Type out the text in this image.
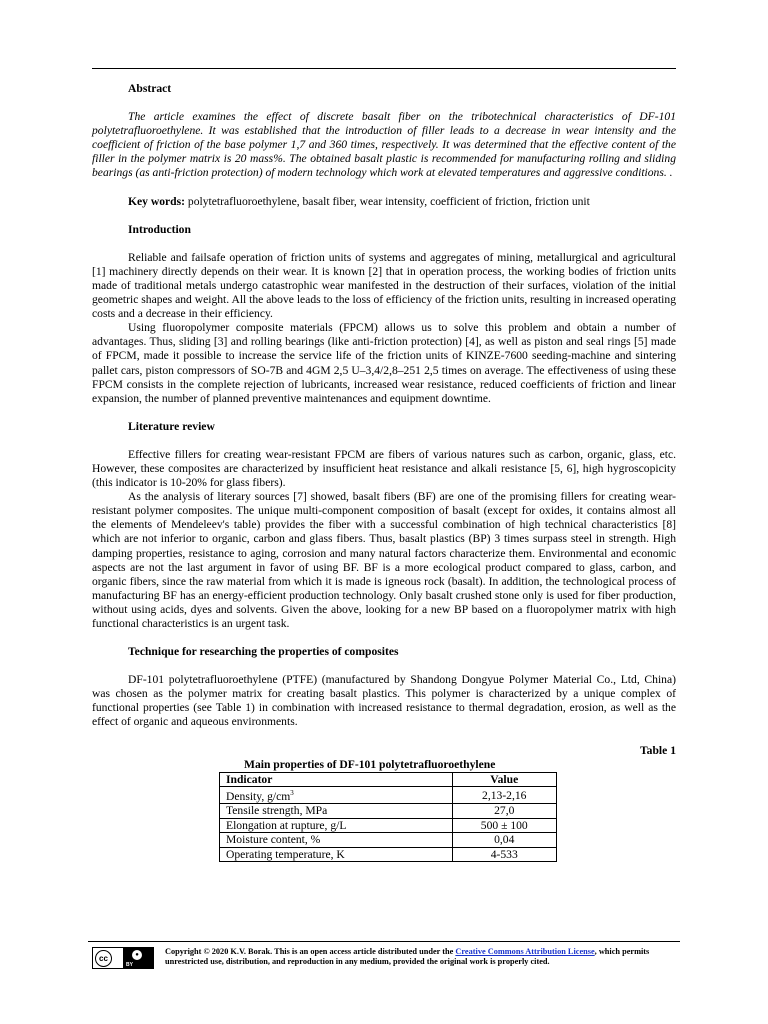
Abstract

The article examines the effect of discrete basalt fiber on the tribotechnical characteristics of DF-101 polytetrafluoroethylene. It was established that the introduction of filler leads to a decrease in wear intensity and the coefficient of friction of the base polymer 1,7 and 360 times, respectively. It was determined that the effective content of the filler in the polymer matrix is 20 mass%. The obtained basalt plastic is recommended for manufacturing rolling and sliding bearings (as anti-friction protection) of modern technology which work at elevated temperatures and aggressive conditions. .

Key words: polytetrafluoroethylene, basalt fiber, wear intensity, coefficient of friction, friction unit

Introduction

Reliable and failsafe operation of friction units of systems and aggregates of mining, metallurgical and agricultural [1] machinery directly depends on their wear. It is known [2] that in operation process, the working bodies of friction units made of traditional metals undergo catastrophic wear manifested in the destruction of their surfaces, violation of the initial geometric shapes and weight. All the above leads to the loss of efficiency of the friction units, resulting in increased operating costs and a decrease in their efficiency.

Using fluoropolymer composite materials (FPCM) allows us to solve this problem and obtain a number of advantages. Thus, sliding [3] and rolling bearings (like anti-friction protection) [4], as well as piston and seal rings [5] made of FPCM, made it possible to increase the service life of the friction units of KINZE-7600 seeding-machine and sintering pallet cars, piston compressors of SO-7B and 4GM 2,5 U–3,4/2,8–251 2,5 times on average. The effectiveness of using these FPCM consists in the complete rejection of lubricants, increased wear resistance, reduced coefficients of friction and linear expansion, the number of planned preventive maintenances and equipment downtime.

Literature review

Effective fillers for creating wear-resistant FPCM are fibers of various natures such as carbon, organic, glass, etc. However, these composites are characterized by insufficient heat resistance and alkali resistance [5, 6], high hygroscopicity (this indicator is 10-20% for glass fibers).

As the analysis of literary sources [7] showed, basalt fibers (BF) are one of the promising fillers for creating wear-resistant polymer composites. The unique multi-component composition of basalt (except for oxides, it contains almost all the elements of Mendeleev's table) provides the fiber with a successful combination of high technical characteristics [8] which are not inferior to organic, carbon and glass fibers. Thus, basalt plastics (BP) 3 times surpass steel in strength. High damping properties, resistance to aging, corrosion and many natural factors characterize them. Environmental and economic aspects are not the last argument in favor of using BF. BF is a more ecological product compared to glass, carbon, and organic fibers, since the raw material from which it is made is igneous rock (basalt). In addition, the technological process of manufacturing BF has an energy-efficient production technology. Only basalt crushed stone only is used for fiber production, without using acids, dyes and solvents. Given the above, looking for a new BP based on a fluoropolymer matrix with high functional characteristics is an urgent task.

Technique for researching the properties of composites

DF-101 polytetrafluoroethylene (PTFE) (manufactured by Shandong Dongyue Polymer Material Co., Ltd, China) was chosen as the polymer matrix for creating basalt plastics. This polymer is characterized by a unique complex of functional properties (see Table 1) in combination with increased resistance to thermal degradation, erosion, as well as the effect of organic and aqueous environments.

Table 1
Main properties of DF-101 polytetrafluoroethylene
Indicator	Value
Density, $g/cm^3$	2,13-2,16
Tensile strength, MPa	27,0
Elongation at rupture, g/L	500 ± 100
Moisture content, %	0,04
Operating temperature, K	4-533
cc	●
BY
Copyright © 2020 K.V. Borak. This is an open access article distributed under the Creative Commons Attribution License, which permits unrestricted use, distribution, and reproduction in any medium, provided the original work is properly cited.
